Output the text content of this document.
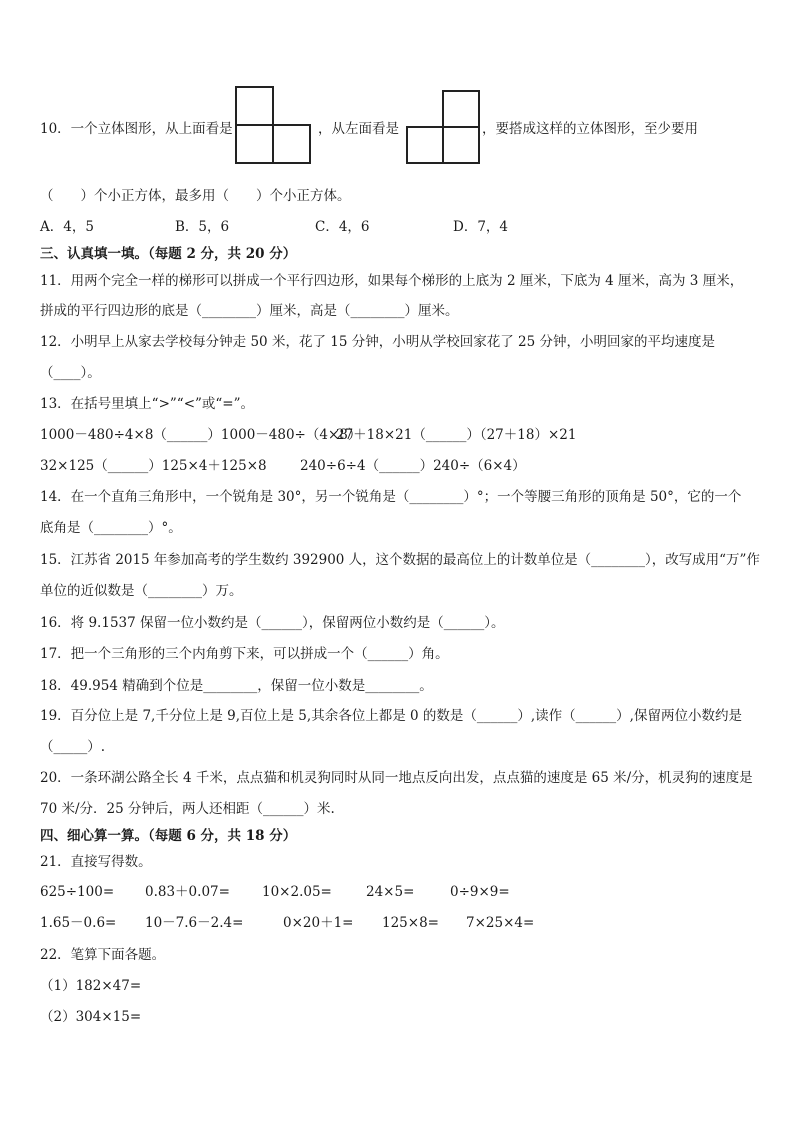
10．一个立体图形，从上面看是	，从左面看是	，要搭成这样的立体图形，至少要用
（　　）个小正方体，最多用（　　）个小正方体。
A．4，5	B．5，6	C．4，6	D．7，4
三、认真填一填。（每题 2 分，共 20 分）
11．用两个完全一样的梯形可以拼成一个平行四边形，如果每个梯形的上底为 2 厘米，下底为 4 厘米，高为 3 厘米，
拼成的平行四边形的底是（________）厘米，高是（________）厘米。
12．小明早上从家去学校每分钟走 50 米，花了 15 分钟，小明从学校回家花了 25 分钟，小明回家的平均速度是
（____）。
13．在括号里填上“>”“<”或“=”。
1000－480÷4×8（______）1000－480÷（4×8）
27＋18×21（______）（27＋18）×21
32×125（______）125×4＋125×8 240÷6÷4（______）240÷（6×4）
14．在一个直角三角形中，一个锐角是 30°，另一个锐角是（________）°；一个等腰三角形的顶角是 50°，它的一个
底角是（________）°。
15．江苏省 2015 年参加高考的学生数约 392900 人，这个数据的最高位上的计数单位是（________），改写成用“万”作
单位的近似数是（________）万。
16．将 9.1537 保留一位小数约是（______），保留两位小数约是（______）。
17．把一个三角形的三个内角剪下来，可以拼成一个（______）角。
18．49.954 精确到个位是________，保留一位小数是________。
19．百分位上是 7,千分位上是 9,百位上是 5,其余各位上都是 0 的数是（______）,读作（______）,保留两位小数约是
（_____）.
20．一条环湖公路全长 4 千米，点点猫和机灵狗同时从同一地点反向出发，点点猫的速度是 65 米/分，机灵狗的速度是
70 米/分．25 分钟后，两人还相距（______）米.
四、细心算一算。（每题 6 分，共 18 分）
21．直接写得数。
625÷100= 0.83＋0.07= 10×2.05=	24×5=	0÷9×9=
1.65－0.6= 10－7.6－2.4=	0×20＋1= 125×8= 7×25×4=
22．笔算下面各题。
（1）182×47=
（2）304×15=
